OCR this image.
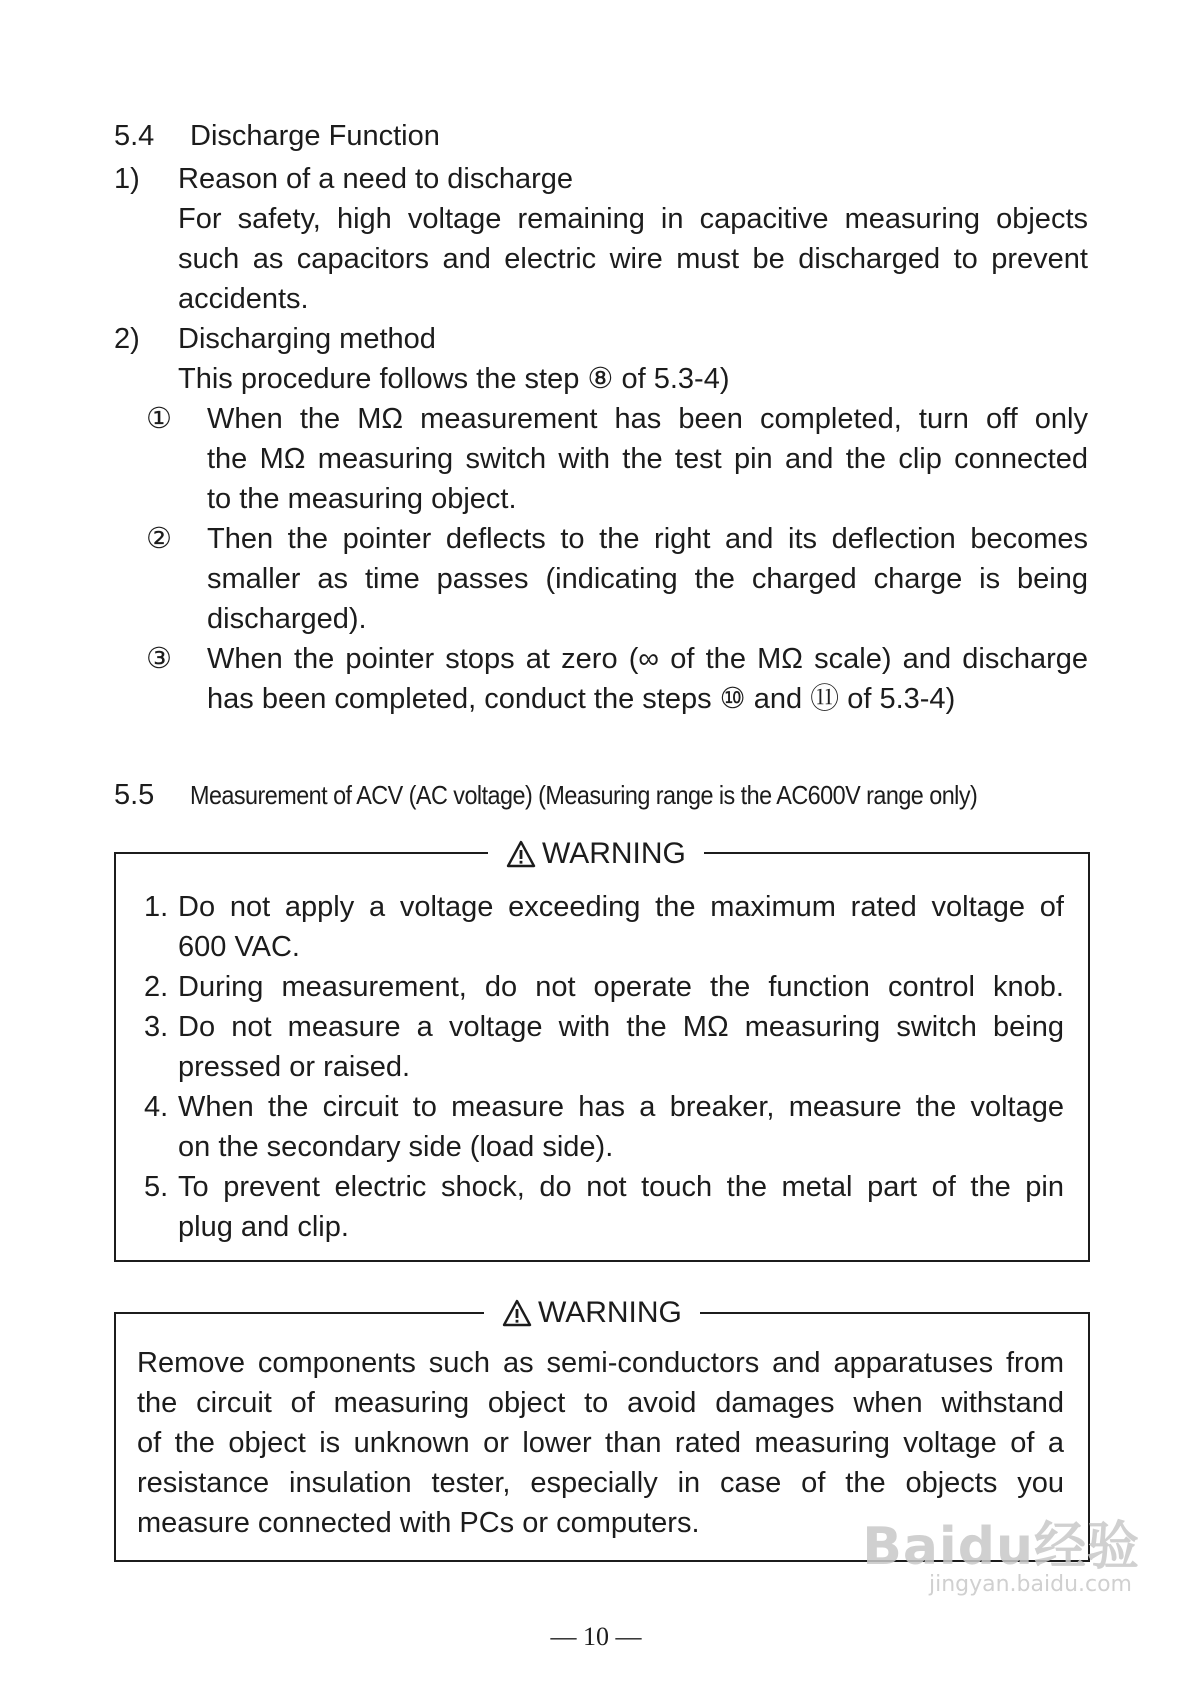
5.4 Discharge Function
1) Reason of a need to discharge
For safety, high voltage remaining in capacitive measuring objects
such as capacitors and electric wire must be discharged to prevent
accidents.
2) Discharging method
This procedure follows the step ⑧ of 5.3-4)
① When the MΩ measurement has been completed, turn off only
the MΩ measuring switch with the test pin and the clip connected
to the measuring object.
② Then the pointer deflects to the right and its deflection becomes
smaller as time passes (indicating the charged charge is being
discharged).
③ When the pointer stops at zero (∞ of the MΩ scale) and discharge
has been completed, conduct the steps ⑩ and ⑪ of 5.3-4)
5.5 Measurement of ACV (AC voltage) (Measuring range is the AC600V range only)
WARNING
1. Do not apply a voltage exceeding the maximum rated voltage of
600 VAC.
2. During measurement, do not operate the function control knob.
3. Do not measure a voltage with the MΩ measuring switch being
pressed or raised.
4. When the circuit to measure has a breaker, measure the voltage
on the secondary side (load side).
5. To prevent electric shock, do not touch the metal part of the pin
plug and clip.
WARNING
Remove components such as semi-conductors and apparatuses from
the circuit of measuring object to avoid damages when withstand
of the object is unknown or lower than rated measuring voltage of a
resistance insulation tester, especially in case of the objects you
measure connected with PCs or computers.	Baidu经验
jingyan.baidu.com
— 10 —
